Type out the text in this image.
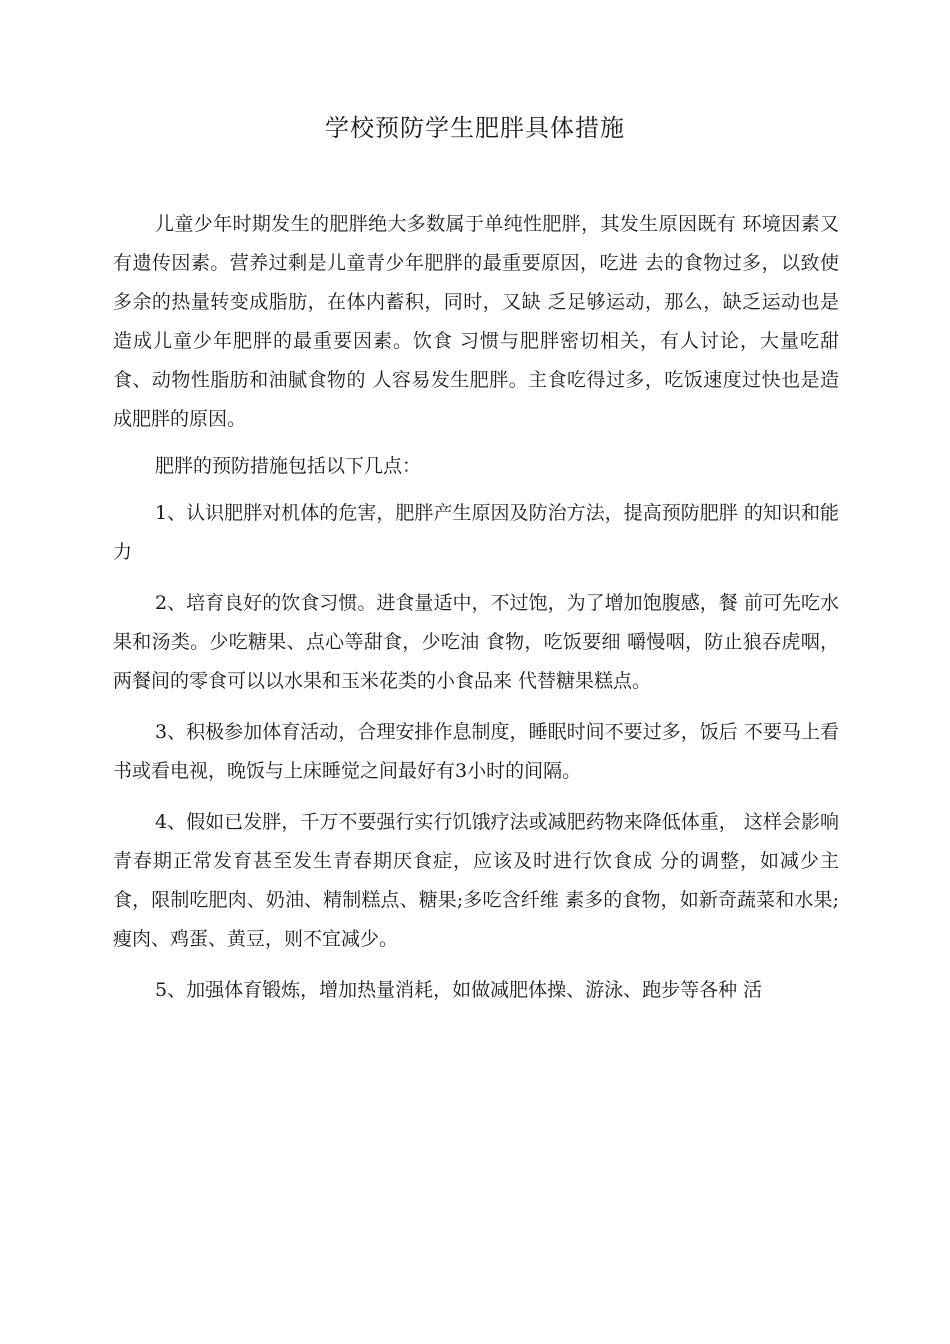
学校预防学生肥胖具体措施

儿童少年时期发生的肥胖绝大多数属于单纯性肥胖，其发生原因既有 环境因素又有遗传因素。营养过剩是儿童青少年肥胖的最重要原因，吃进 去的食物过多，以致使多余的热量转变成脂肪，在体内蓄积，同时，又缺 乏足够运动，那么，缺乏运动也是造成儿童少年肥胖的最重要因素。饮食 习惯与肥胖密切相关，有人讨论，大量吃甜食、动物性脂肪和油腻食物的 人容易发生肥胖。主食吃得过多，吃饭速度过快也是造成肥胖的原因。

肥胖的预防措施包括以下几点：

1、认识肥胖对机体的危害，肥胖产生原因及防治方法，提高预防肥胖 的知识和能力

2、培育良好的饮食习惯。进食量适中，不过饱，为了增加饱腹感，餐 前可先吃水果和汤类。少吃糖果、点心等甜食，少吃油 食物，吃饭要细 嚼慢咽，防止狼吞虎咽，两餐间的零食可以以水果和玉米花类的小食品来 代替糖果糕点。

3、积极参加体育活动，合理安排作息制度，睡眠时间不要过多，饭后 不要马上看书或看电视，晚饭与上床睡觉之间最好有3小时的间隔。

4、假如已发胖，千万不要强行实行饥饿疗法或减肥药物来降低体重， 这样会影响青春期正常发育甚至发生青春期厌食症，应该及时进行饮食成 分的调整，如减少主食，限制吃肥肉、奶油、精制糕点、糖果;多吃含纤维 素多的食物，如新奇蔬菜和水果;瘦肉、鸡蛋、黄豆，则不宜减少。

5、加强体育锻炼，增加热量消耗，如做减肥体操、游泳、跑步等各种 活
